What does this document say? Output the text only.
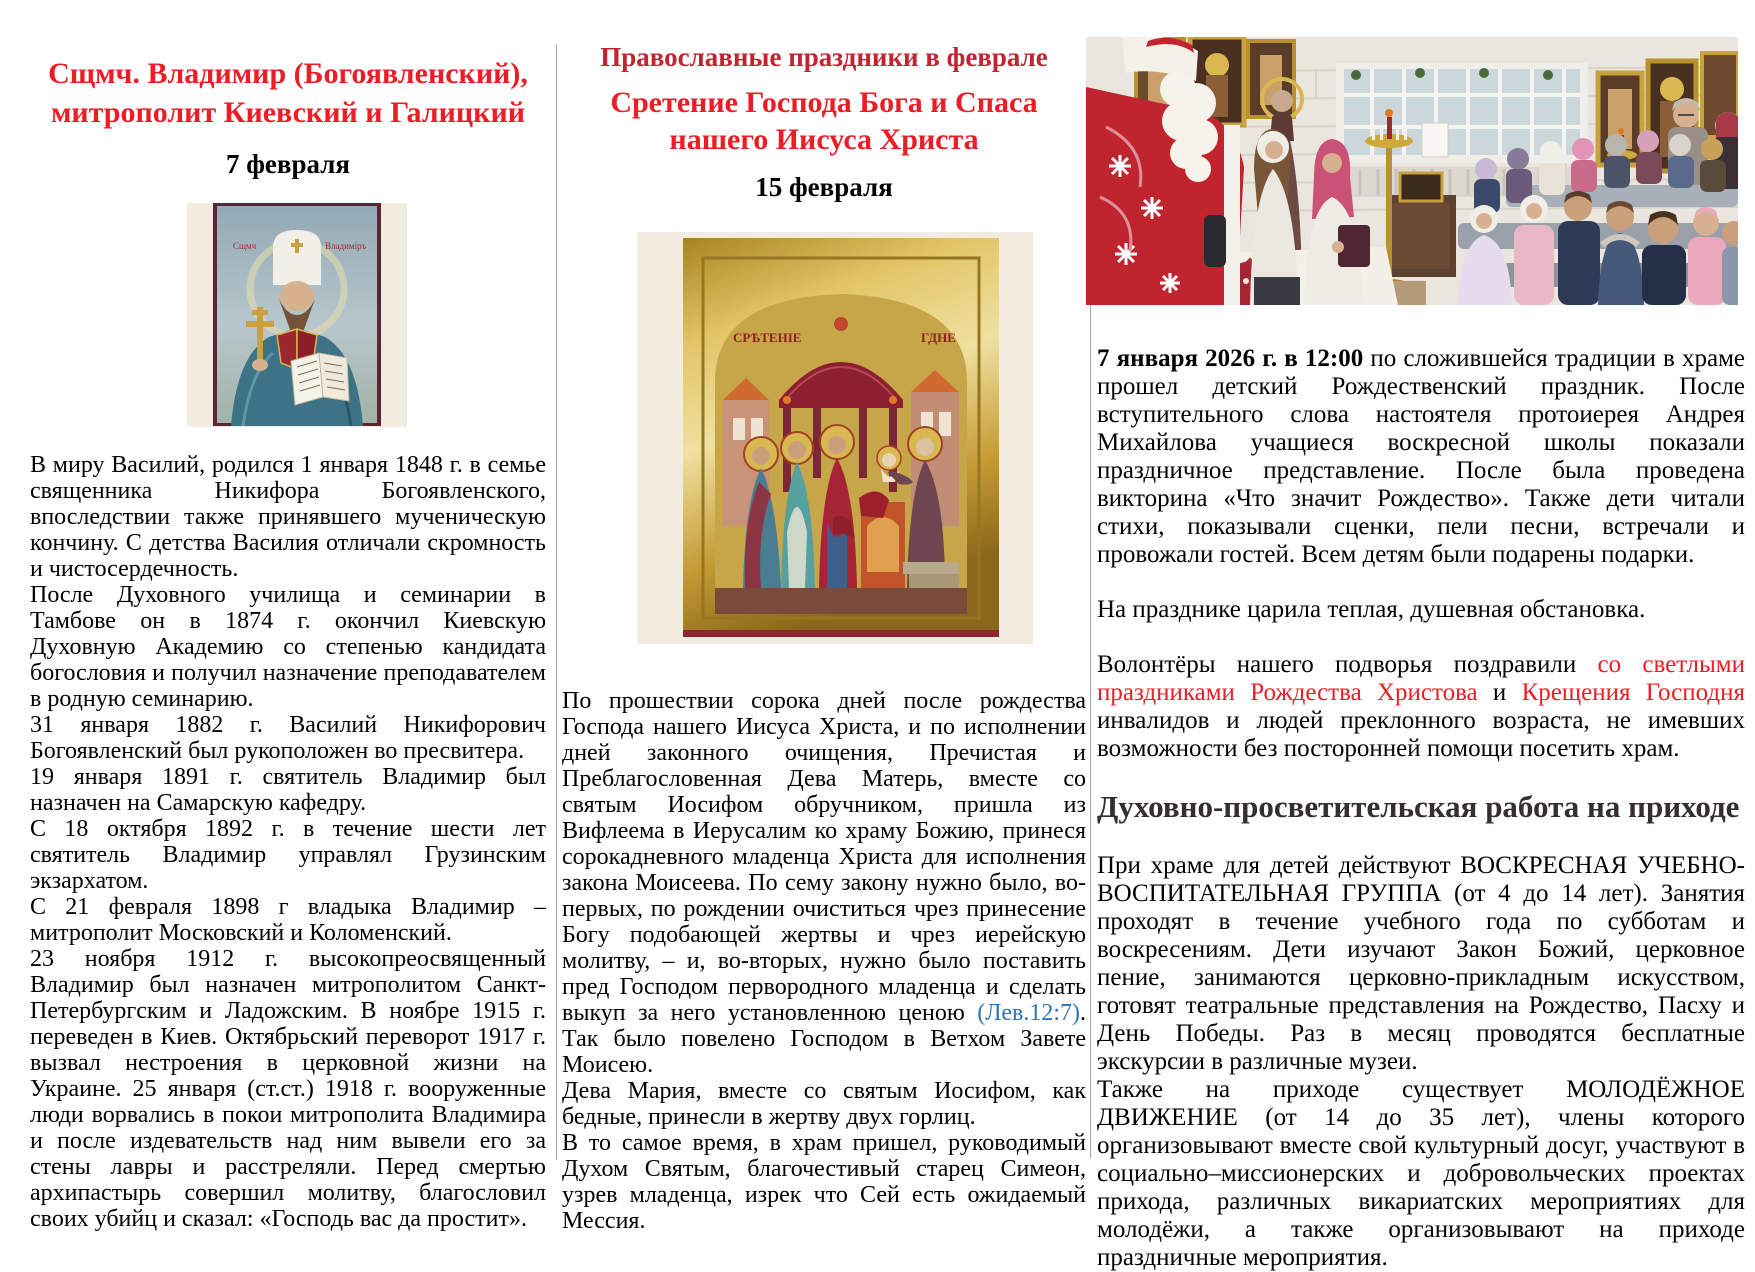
Сщмч. Владимир (Богоявленский), митрополит Киевский и Галицкий
7 февраля
Сщмч	Владиміръ

В миру Василий, родился 1 января 1848 г. в семье священника Никифора Богоявленского, впоследствии также принявшего мученическую кончину. С детства Василия отличали скромность и чистосердечность.

После Духовного училища и семинарии в Тамбове он в 1874 г. окончил Киевскую Духовную Академию со степенью кандидата богословия и получил назначение преподавателем в родную семинарию.

31 января 1882 г. Василий Никифорович Богоявленский был рукоположен во пресвитера.

19 января 1891 г. святитель Владимир был назначен на Самарскую кафедру.

С 18 октября 1892 г. в течение шести лет святитель Владимир управлял Грузинским экзархатом.

С 21 февраля 1898 г владыка Владимир – митрополит Московский и Коломенский.

23 ноября 1912 г. высокопреосвященный Владимир был назначен митрополитом Санкт-Петербургским и Ладожским. В ноябре 1915 г. переведен в Киев. Октябрьский переворот 1917 г. вызвал нестроения в церковной жизни на Украине. 25 января (ст.ст.) 1918 г. вооруженные люди ворвались в покои митрополита Владимира и после издевательств над ним вывели его за стены лавры и расстреляли. Перед смертью архипастырь совершил молитву, благословил своих убийц и сказал: «Господь вас да простит».

Православные праздники в феврале
Сретение Господа Бога и Спаса нашего Иисуса Христа
15 февраля
СРѢТЕНІЕ	ГДНЕ

По прошествии сорока дней после рождества Господа нашего Иисуса Христа, и по исполнении дней законного очищения, Пречистая и Преблагословенная Дева Матерь, вместе со святым Иосифом обручником, пришла из Вифлеема в Иерусалим ко храму Божию, принеся сорокадневного младенца Христа для исполнения закона Моисеева. По сему закону нужно было, во-первых, по рождении очиститься чрез принесение Богу подобающей жертвы и чрез иерейскую молитву, – и, во-вторых, нужно было поставить пред Господом первородного младенца и сделать выкуп за него установленною ценою (Лев.12:7). Так было повелено Господом в Ветхом Завете Моисею.

Дева Мария, вместе со святым Иосифом, как бедные, принесли в жертву двух горлиц.

В то самое время, в храм пришел, руководимый Духом Святым, благочестивый старец Симеон, узрев младенца, изрек что Сей есть ожидаемый Мессия.

7 января 2026 г. в 12:00 по сложившейся традиции в храме прошел детский Рождественский праздник. После вступительного слова настоятеля протоиерея Андрея Михайлова учащиеся воскресной школы показали праздничное представление. После была проведена викторина «Что значит Рождество». Также дети читали стихи, показывали сценки, пели песни, встречали и провожали гостей. Всем детям были подарены подарки.

На празднике царила теплая, душевная обстановка.

Волонтёры нашего подворья поздравили со светлыми праздниками Рождества Христова и Крещения Господня инвалидов и людей преклонного возраста, не имевших возможности без посторонней помощи посетить храм.

Духовно-просветительская работа на приходе

При храме для детей действуют ВОСКРЕСНАЯ УЧЕБНО-ВОСПИТАТЕЛЬНАЯ ГРУППА (от 4 до 14 лет). Занятия проходят в течение учебного года по субботам и воскресениям. Дети изучают Закон Божий, церковное пение, занимаются церковно-прикладным искусством, готовят театральные представления на Рождество, Пасху и День Победы. Раз в месяц проводятся бесплатные экскурсии в различные музеи.

Также на приходе существует МОЛОДЁЖНОЕ ДВИЖЕНИЕ (от 14 до 35 лет), члены которого организовывают вместе свой культурный досуг, участвуют в социально–миссионерских и добровольческих проектах прихода, различных викариатских мероприятиях для молодёжи, а также организовывают на приходе праздничные мероприятия.
